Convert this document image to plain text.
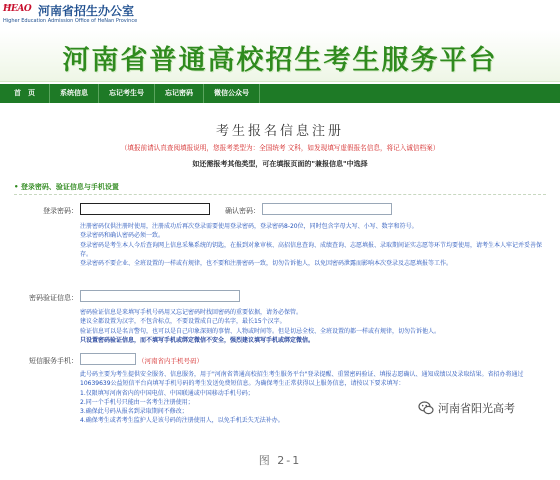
ĦEAO 河南省招生办公室
Higher Education Admission Office of HeNan Province
河南省普通高校招生考生服务平台
首　页	系统信息	忘记考生号	忘记密码	微信公众号
考生报名信息注册
（填报前请认真查阅填报说明，您报考类型为：全国统考 文科，如发现填写虚假报名信息，将记入诚信档案）
如还需报考其他类型，可在填报页面的"兼报信息"中选择
• 登录密码、验证信息与手机设置
登录密码：	确认密码：
注册密码仅供注册时使用，注册成功后再次登录需要使用登录密码，登录密码8-20位，同时包含字母大写、小写、数字和符号。
登录密码和确认密码必须一致。
登录密码是考生本人今后查询网上信息采集系统的钥匙，在报到对象审核、高招信息查询、成绩查询、志愿填报、录取期间证实志愿等环节均要使用，请考生本人牢记并妥善保存。
登录密码不要企业、全班设置的一样或有规律，也不要和注册密码一致，切勿告诉他人，以免因密码泄露而影响本次登录及志愿填报等工作。
密码验证信息：
密码验证信息是来填写手机号码用又忘记密码时找回密码的重要依据，请务必保管。
建议全都设置为汉字，不包含标点，不要设置成自己的名字，最长15个汉字。
验证信息可以是名言警句，也可以是自己印象深刻的事情、人物或时间等。但是切忌全校、全班设置的都一样或有规律，切勿告诉他人。
只设置密码验证信息，而不填写手机或绑定微信不安全，强烈建议填写手机或绑定微信。
短信服务手机：	（河南省内手机号码）
此号码主要为考生提供安全服务、信息服务，用于"河南省普通高校招生考生服务平台"登录提醒、重置密码验证、填报志愿确认、通知成绩以及录取结果。省招办将通过10639639公益短信平台向填写手机号码的考生发送免费短信息。为确保考生正常获得以上服务信息，请按以下要求填写：
1.仅限填写河南省内的中国电信、中国联通或中国移动手机号码；
2.同一个手机号只能由一名考生注册使用；
3.确保此号码从报名到录取期间不修改；
4.确保考生或者考生监护人是该号码的注册使用人，以免手机丢失无法补办。
河南省阳光高考
图 2-1
